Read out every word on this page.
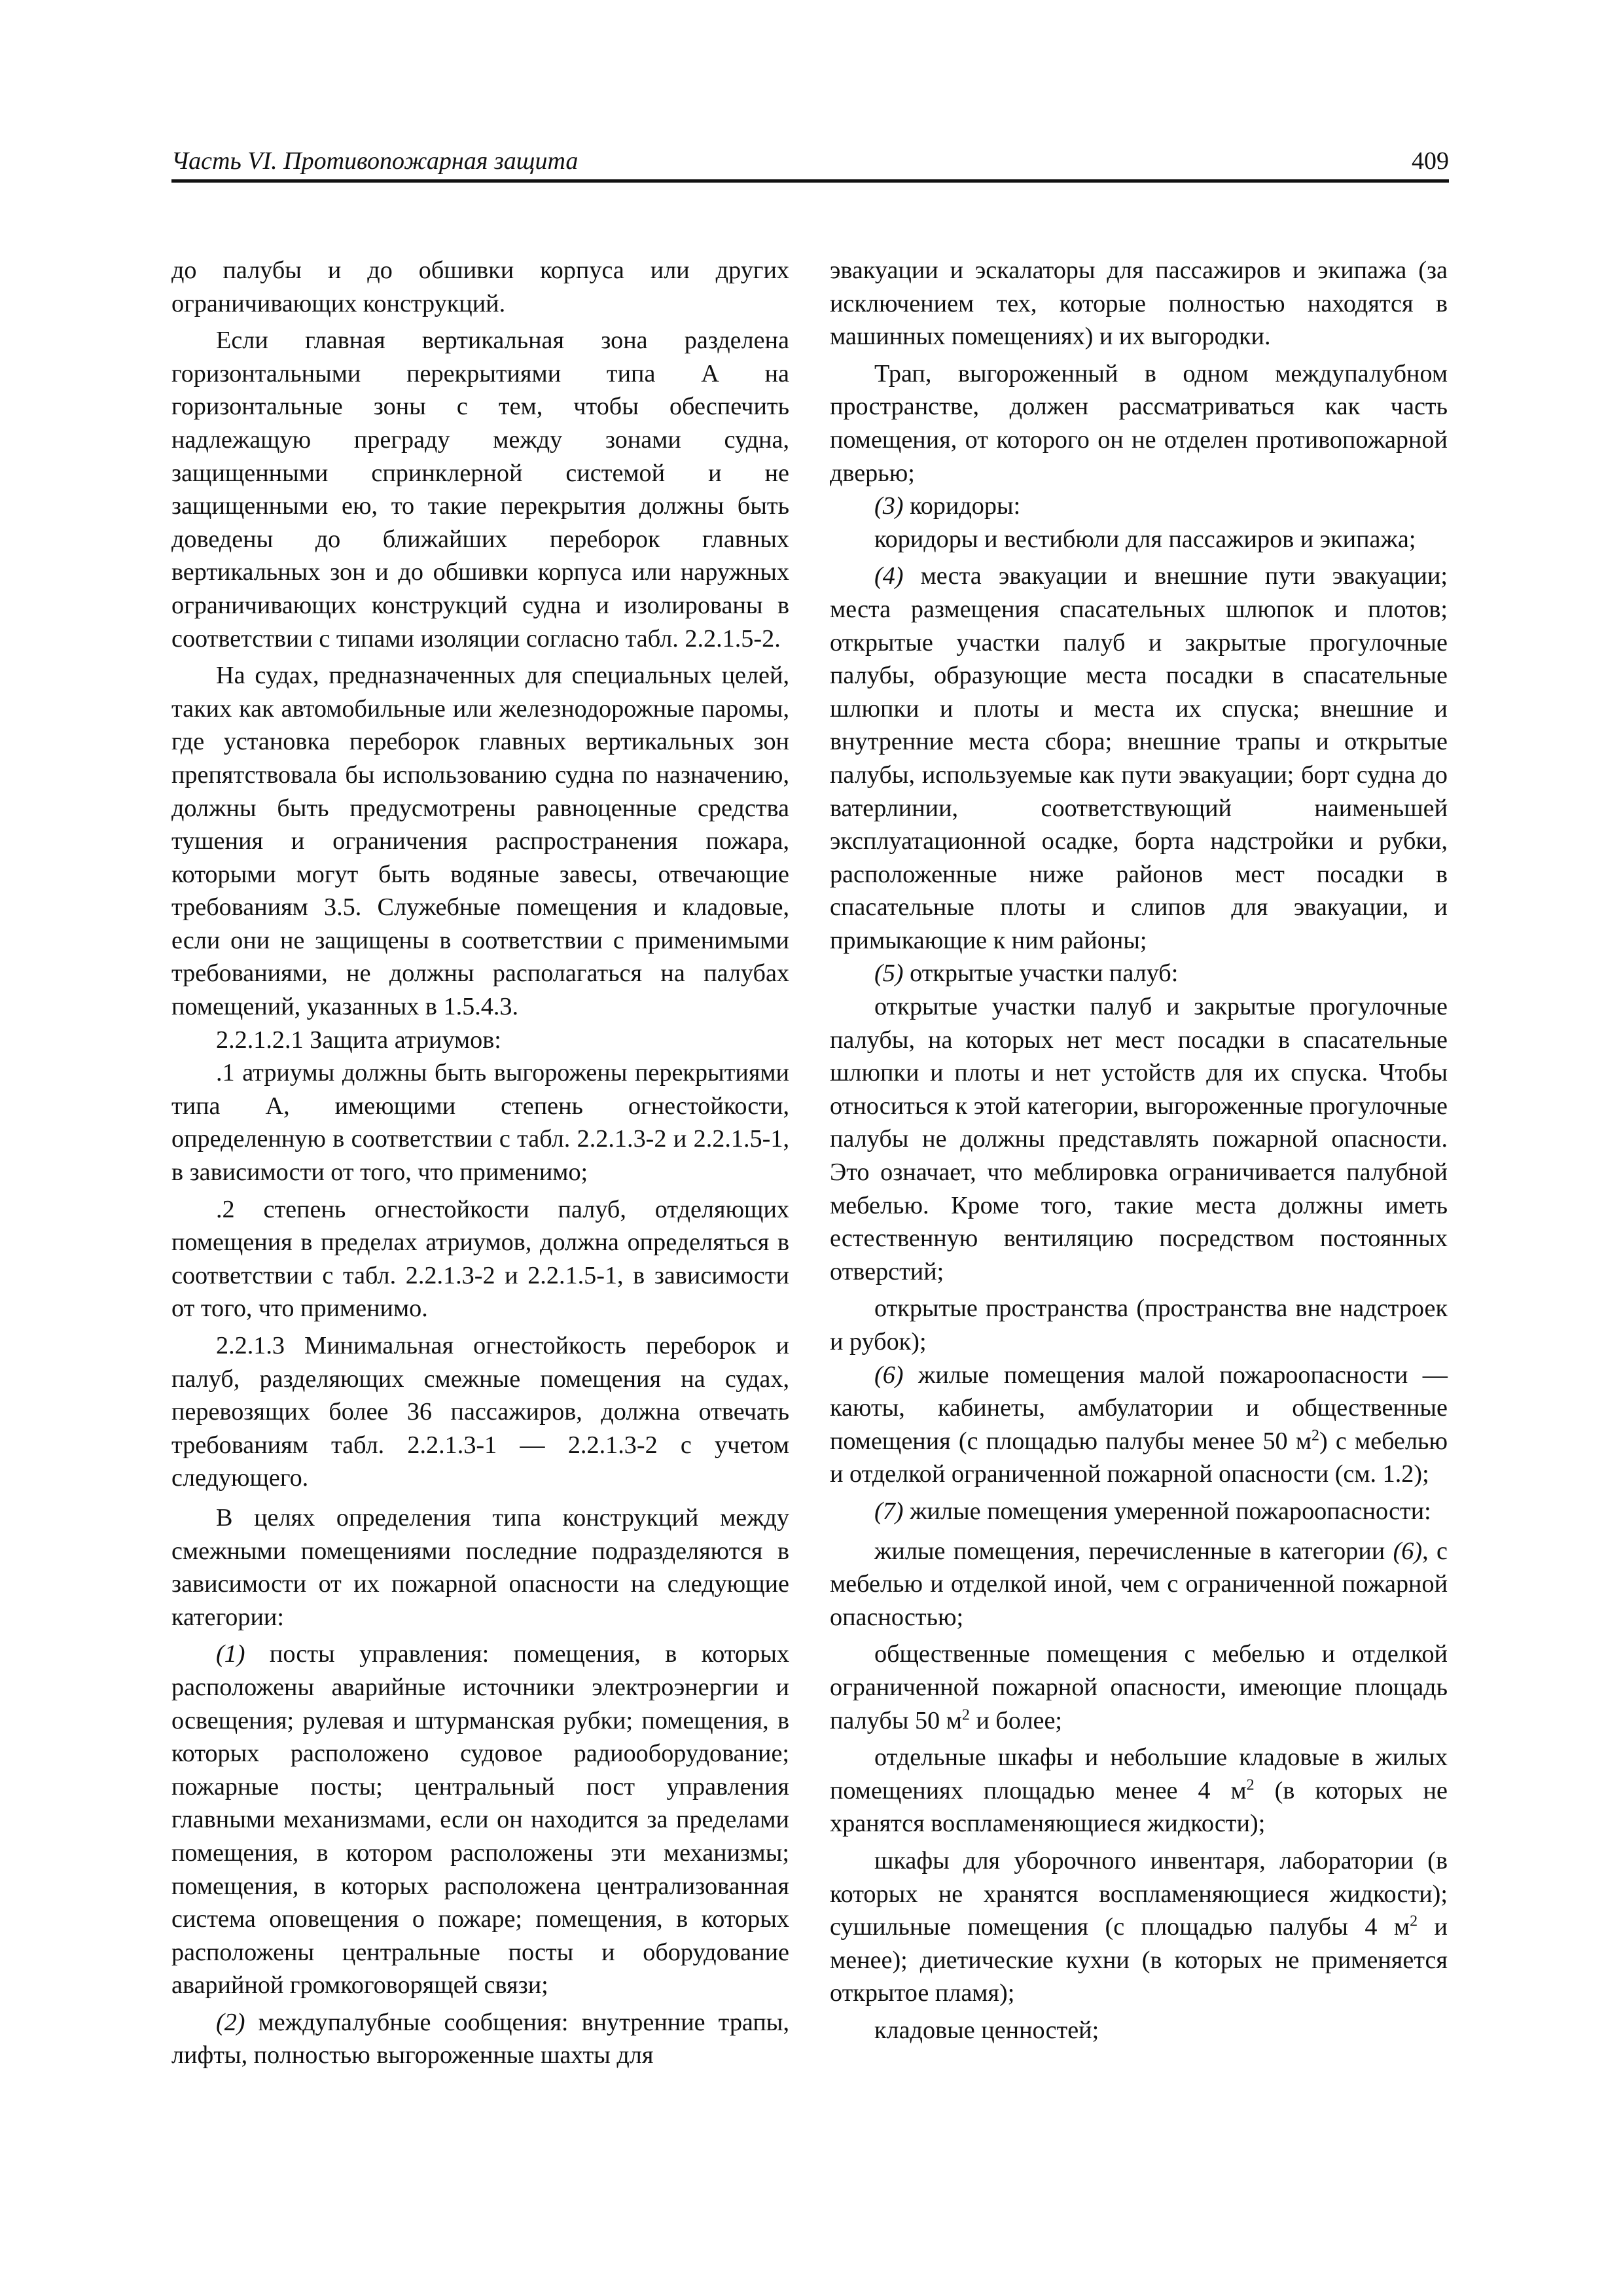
Часть VI. Противопожарная защита	409

до палубы и до обшивки корпуса или других ограничивающих конструкций.

Если главная вертикальная зона разделена горизонтальными перекрытиями типа А на горизонтальные зоны с тем, чтобы обеспечить надлежащую преграду между зонами судна, защищенными спринклерной системой и не защищенными ею, то такие перекрытия должны быть доведены до ближайших переборок главных вертикальных зон и до обшивки корпуса или наружных ограничивающих конструкций судна и изолированы в соответствии с типами изоляции согласно табл. 2.2.1.5-2.

На судах, предназначенных для специальных целей, таких как автомобильные или железнодорожные паромы, где установка переборок главных вертикальных зон препятствовала бы использованию судна по назначению, должны быть предусмотрены равноценные средства тушения и ограничения распространения пожара, которыми могут быть водяные завесы, отвечающие требованиям 3.5. Служебные помещения и кладовые, если они не защищены в соответствии с применимыми требованиями, не должны располагаться на палубах помещений, указанных в 1.5.4.3.

2.2.1.2.1 Защита атриумов:

.1 атриумы должны быть выгорожены перекрытиями типа А, имеющими степень огнестойкости, определенную в соответствии с табл. 2.2.1.3-2 и 2.2.1.5-1, в зависимости от того, что применимо;

.2 степень огнестойкости палуб, отделяющих помещения в пределах атриумов, должна определяться в соответствии с табл. 2.2.1.3-2 и 2.2.1.5-1, в зависимости от того, что применимо.

2.2.1.3 Минимальная огнестойкость переборок и палуб, разделяющих смежные помещения на судах, перевозящих более 36 пассажиров, должна отвечать требованиям табл. 2.2.1.3-1 — 2.2.1.3-2 с учетом следующего.

В целях определения типа конструкций между смежными помещениями последние подразделяются в зависимости от их пожарной опасности на следующие категории:

(1) посты управления: помещения, в которых расположены аварийные источники электроэнергии и освещения; рулевая и штурманская рубки; помещения, в которых расположено судовое радиооборудование; пожарные посты; центральный пост управления главными механизмами, если он находится за пределами помещения, в котором расположены эти механизмы; помещения, в которых расположена централизованная система оповещения о пожаре; помещения, в которых расположены центральные посты и оборудование аварийной громкоговорящей связи;

(2) междупалубные сообщения: внутренние трапы, лифты, полностью выгороженные шахты для

эвакуации и эскалаторы для пассажиров и экипажа (за исключением тех, которые полностью находятся в машинных помещениях) и их выгородки.

Трап, выгороженный в одном междупалубном пространстве, должен рассматриваться как часть помещения, от которого он не отделен противопожарной дверью;

(3) коридоры:

коридоры и вестибюли для пассажиров и экипажа;

(4) места эвакуации и внешние пути эвакуации; места размещения спасательных шлюпок и плотов; открытые участки палуб и закрытые прогулочные палубы, образующие места посадки в спасательные шлюпки и плоты и места их спуска; внешние и внутренние места сбора; внешние трапы и открытые палубы, используемые как пути эвакуации; борт судна до ватерлинии, соответствующий наименьшей эксплуатационной осадке, борта надстройки и рубки, расположенные ниже районов мест посадки в спасательные плоты и слипов для эвакуации, и примыкающие к ним районы;

(5) открытые участки палуб:

открытые участки палуб и закрытые прогулочные палубы, на которых нет мест посадки в спасательные шлюпки и плоты и нет устойств для их спуска. Чтобы относиться к этой категории, выгороженные прогулочные палубы не должны представлять пожарной опасности. Это означает, что меблировка ограничивается палубной мебелью. Кроме того, такие места должны иметь естественную вентиляцию посредством постоянных отверстий;

открытые пространства (пространства вне надстроек и рубок);

(6) жилые помещения малой пожароопасности — каюты, кабинеты, амбулатории и общественные помещения (с площадью палубы менее 50 $м^2$) с мебелью и отделкой ограниченной пожарной опасности (см. 1.2);

(7) жилые помещения умеренной пожароопасности:

жилые помещения, перечисленные в категории (6), с мебелью и отделкой иной, чем с ограниченной пожарной опасностью;

общественные помещения с мебелью и отделкой ограниченной пожарной опасности, имеющие площадь палубы 50 $м^2$ и более;

отдельные шкафы и небольшие кладовые в жилых помещениях площадью менее 4 $м^2$ (в которых не хранятся воспламеняющиеся жидкости);

шкафы для уборочного инвентаря, лаборатории (в которых не хранятся воспламеняющиеся жидкости); сушильные помещения (с площадью палубы 4 $м^2$ и менее); диетические кухни (в которых не применяется открытое пламя);

кладовые ценностей;
